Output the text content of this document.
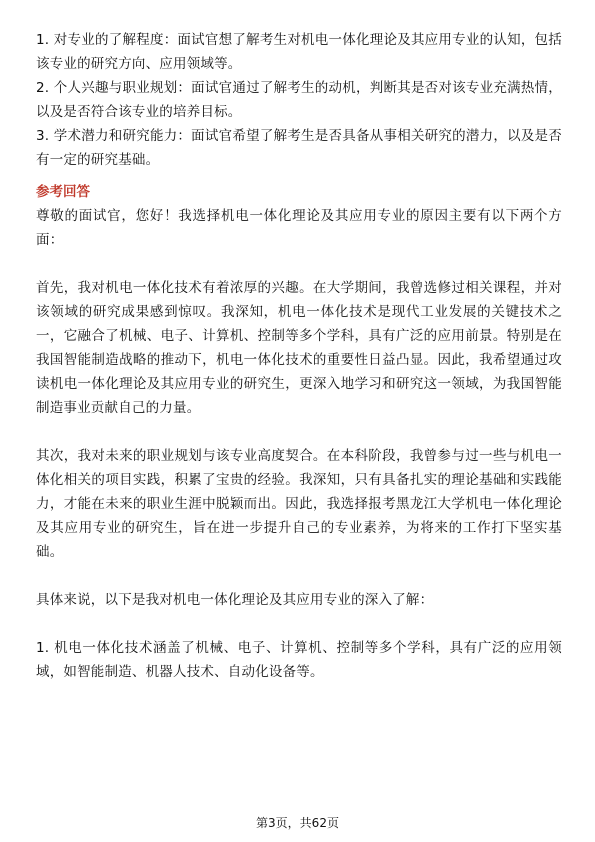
1. 对专业的了解程度：面试官想了解考生对机电一体化理论及其应用专业的认知，包括该专业的研究方向、应用领域等。

2. 个人兴趣与职业规划：面试官通过了解考生的动机，判断其是否对该专业充满热情，以及是否符合该专业的培养目标。

3. 学术潜力和研究能力：面试官希望了解考生是否具备从事相关研究的潜力，以及是否有一定的研究基础。

参考回答

尊敬的面试官，您好！我选择机电一体化理论及其应用专业的原因主要有以下两个方面：

首先，我对机电一体化技术有着浓厚的兴趣。在大学期间，我曾选修过相关课程，并对该领域的研究成果感到惊叹。我深知，机电一体化技术是现代工业发展的关键技术之一，它融合了机械、电子、计算机、控制等多个学科，具有广泛的应用前景。特别是在我国智能制造战略的推动下，机电一体化技术的重要性日益凸显。因此，我希望通过攻读机电一体化理论及其应用专业的研究生，更深入地学习和研究这一领域，为我国智能制造事业贡献自己的力量。

其次，我对未来的职业规划与该专业高度契合。在本科阶段，我曾参与过一些与机电一体化相关的项目实践，积累了宝贵的经验。我深知，只有具备扎实的理论基础和实践能力，才能在未来的职业生涯中脱颖而出。因此，我选择报考黑龙江大学机电一体化理论及其应用专业的研究生，旨在进一步提升自己的专业素养，为将来的工作打下坚实基础。

具体来说，以下是我对机电一体化理论及其应用专业的深入了解：

1. 机电一体化技术涵盖了机械、电子、计算机、控制等多个学科，具有广泛的应用领域，如智能制造、机器人技术、自动化设备等。

第3页，共62页
